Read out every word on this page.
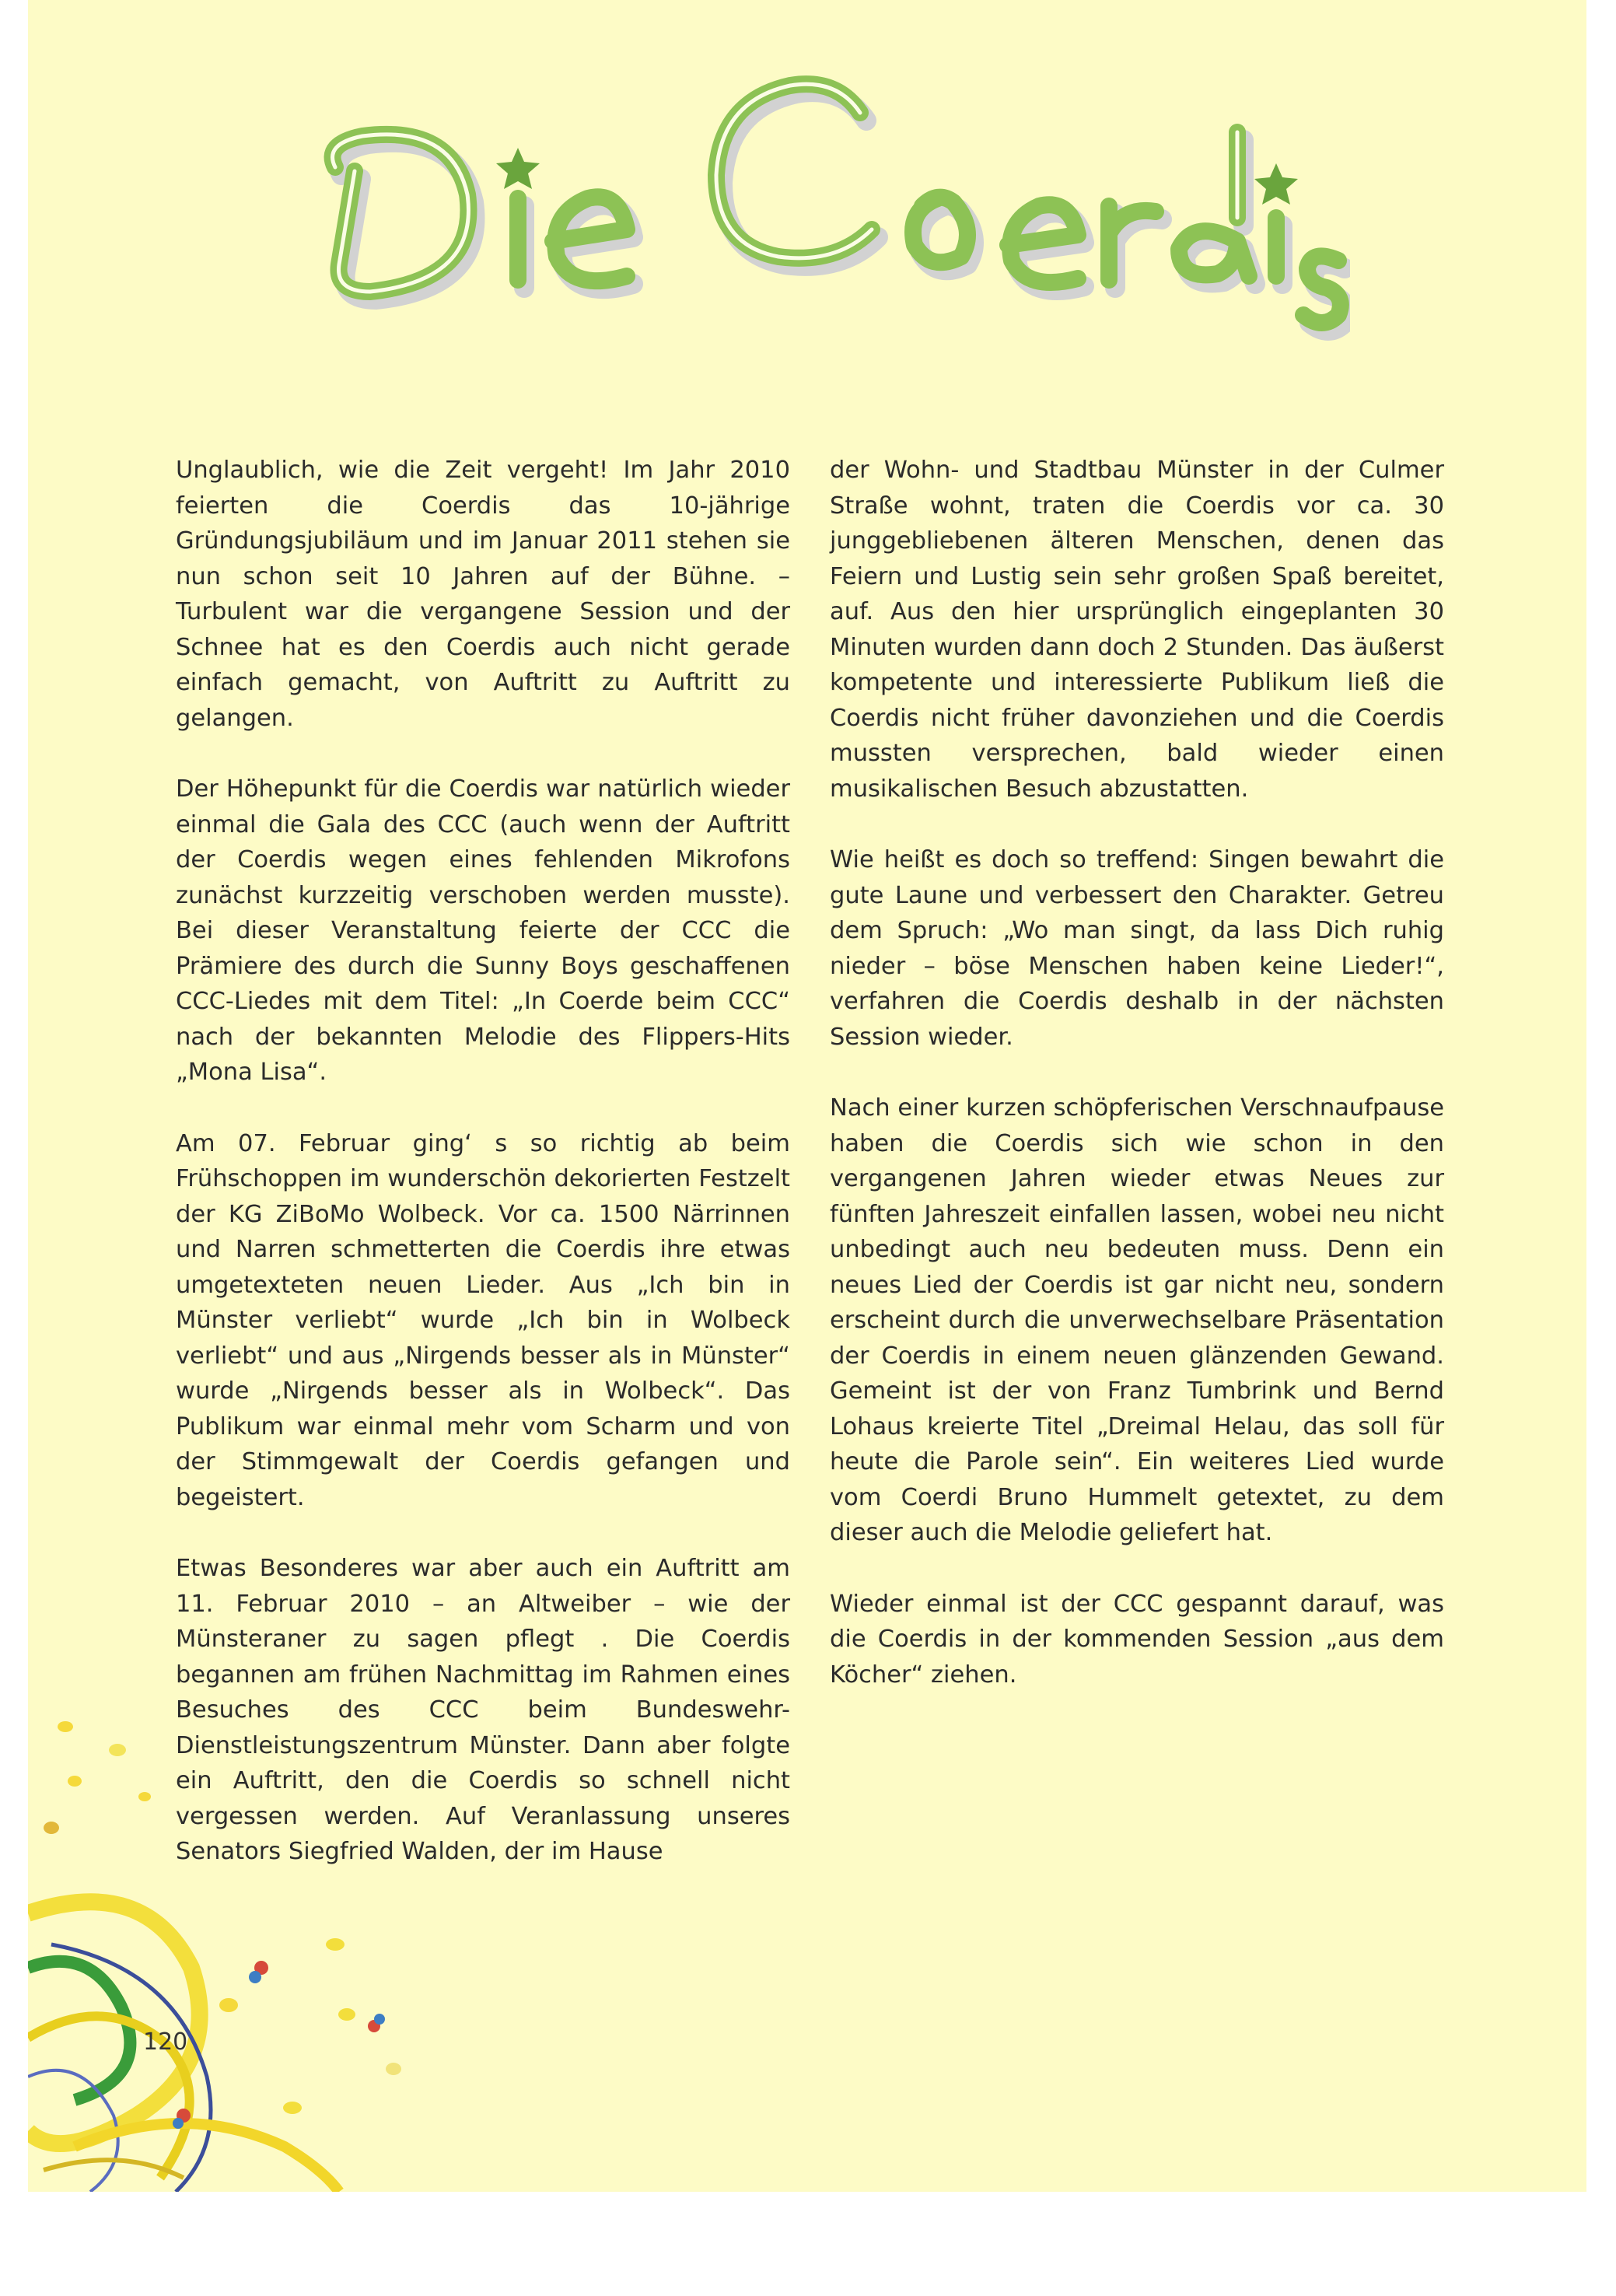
Unglaublich, wie die Zeit vergeht! Im Jahr 2010 feierten die Coerdis das 10-jährige Gründungsjubiläum und im Januar 2011 stehen sie nun schon seit 10 Jahren auf der Bühne. – Turbulent war die vergangene Session und der Schnee hat es den Coerdis auch nicht gerade einfach gemacht, von Auftritt zu Auftritt zu gelangen.

Der Höhepunkt für die Coerdis war natürlich wieder einmal die Gala des CCC (auch wenn der Auftritt der Coerdis wegen eines fehlenden Mikrofons zunächst kurzzeitig verschoben werden musste). Bei dieser Veranstaltung feierte der CCC die Prämiere des durch die Sunny Boys geschaffenen CCC-Liedes mit dem Titel: „In Coerde beim CCC“ nach der bekannten Melodie des Flippers-Hits „Mona Lisa“.

Am 07. Februar ging‘ s so richtig ab beim Frühschoppen im wunderschön dekorierten Festzelt der KG ZiBoMo Wolbeck. Vor ca. 1500 Närrinnen und Narren schmetterten die Coerdis ihre etwas umgetexteten neuen Lieder. Aus „Ich bin in Münster verliebt“ wurde „Ich bin in Wolbeck verliebt“ und aus „Nirgends besser als in Münster“ wurde „Nirgends besser als in Wolbeck“. Das Publikum war einmal mehr vom Scharm und von der Stimmgewalt der Coerdis gefangen und begeistert.

Etwas Besonderes war aber auch ein Auftritt am 11. Februar 2010 – an Altweiber – wie der Münsteraner zu sagen pflegt . Die Coerdis begannen am frühen Nachmittag im Rahmen eines Besuches des CCC beim Bundeswehr-Dienstleistungszentrum Münster. Dann aber folgte ein Auftritt, den die Coerdis so schnell nicht vergessen werden. Auf Veranlassung unseres Senators Siegfried Walden, der im Hause

der Wohn- und Stadtbau Münster in der Culmer Straße wohnt, traten die Coerdis vor ca. 30 junggebliebenen älteren Menschen, denen das Feiern und Lustig sein sehr großen Spaß bereitet, auf. Aus den hier ursprünglich eingeplanten 30 Minuten wurden dann doch 2 Stunden. Das äußerst kompetente und interessierte Publikum ließ die Coerdis nicht früher davonziehen und die Coerdis mussten versprechen, bald wieder einen musikalischen Besuch abzustatten.

Wie heißt es doch so treffend: Singen bewahrt die gute Laune und verbessert den Charakter. Getreu dem Spruch: „Wo man singt, da lass Dich ruhig nieder – böse Menschen haben keine Lieder!“, verfahren die Coerdis deshalb in der nächsten Session wieder.

Nach einer kurzen schöpferischen Verschnaufpause haben die Coerdis sich wie schon in den vergangenen Jahren wieder etwas Neues zur fünften Jahreszeit einfallen lassen, wobei neu nicht unbedingt auch neu bedeuten muss. Denn ein neues Lied der Coerdis ist gar nicht neu, sondern erscheint durch die unverwechselbare Präsentation der Coerdis in einem neuen glänzenden Gewand. Gemeint ist der von Franz Tumbrink und Bernd Lohaus kreierte Titel „Dreimal Helau, das soll für heute die Parole sein“. Ein weiteres Lied wurde vom Coerdi Bruno Hummelt getextet, zu dem dieser auch die Melodie geliefert hat.

Wieder einmal ist der CCC gespannt darauf, was die Coerdis in der kommenden Session „aus dem Köcher“ ziehen.

120
